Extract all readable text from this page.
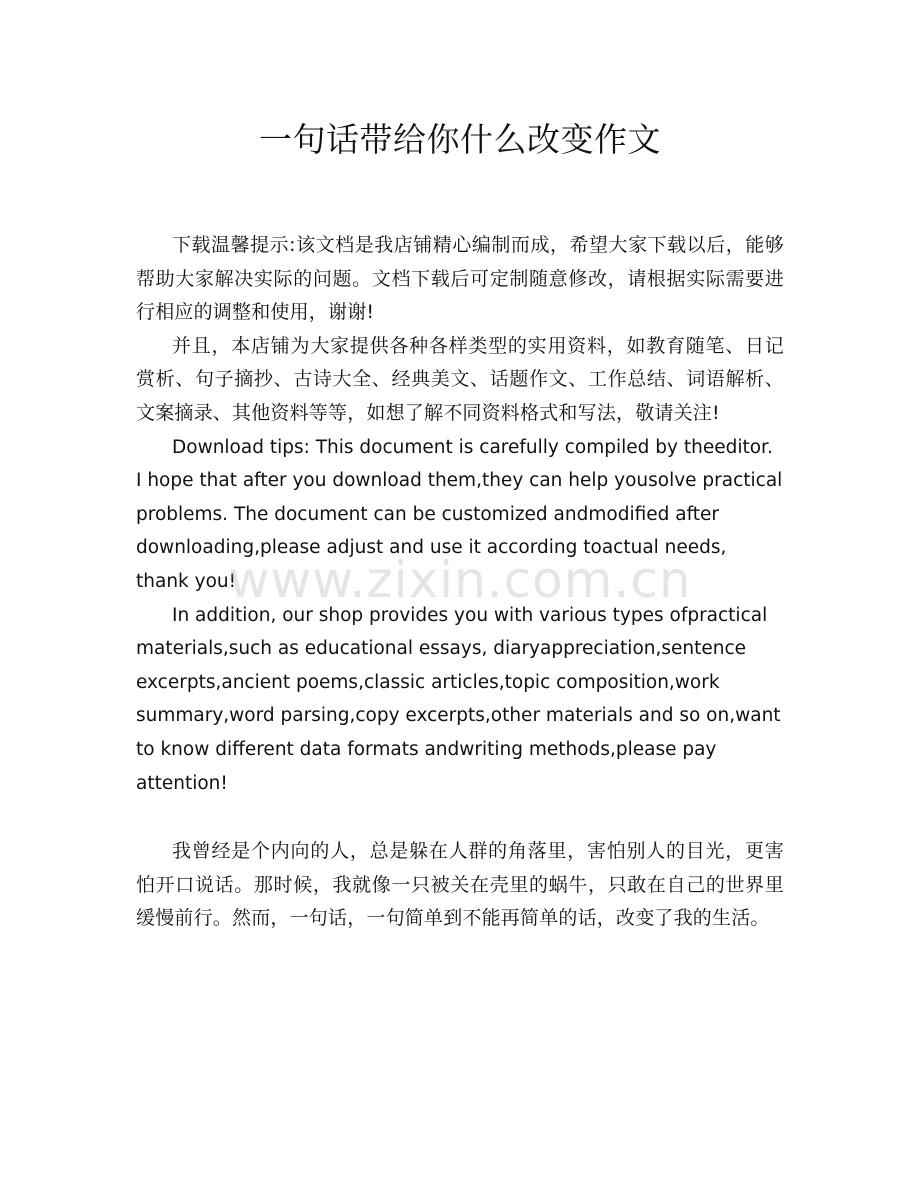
一句话带给你什么改变作文

下载温馨提示:该文档是我店铺精心编制而成，希望大家下载以后，能够帮助大家解决实际的问题。文档下载后可定制随意修改，请根据实际需要进行相应的调整和使用，谢谢!

并且，本店铺为大家提供各种各样类型的实用资料，如教育随笔、日记赏析、句子摘抄、古诗大全、经典美文、话题作文、工作总结、词语解析、文案摘录、其他资料等等，如想了解不同资料格式和写法，敬请关注!

Download tips: This document is carefully compiled by theeditor. I hope that after you download them,they can help yousolve practical problems. The document can be customized andmodified after downloading,please adjust and use it according toactual needs, thank you!

In addition, our shop provides you with various types ofpractical materials,such as educational essays, diaryappreciation,sentence excerpts,ancient poems,classic articles,topic composition,work summary,word parsing,copy excerpts,other materials and so on,want to know different data formats andwriting methods,please pay attention!

我曾经是个内向的人，总是躲在人群的角落里，害怕别人的目光，更害怕开口说话。那时候，我就像一只被关在壳里的蜗牛，只敢在自己的世界里缓慢前行。然而，一句话，一句简单到不能再简单的话，改变了我的生活。

www.zixin.com.cn
